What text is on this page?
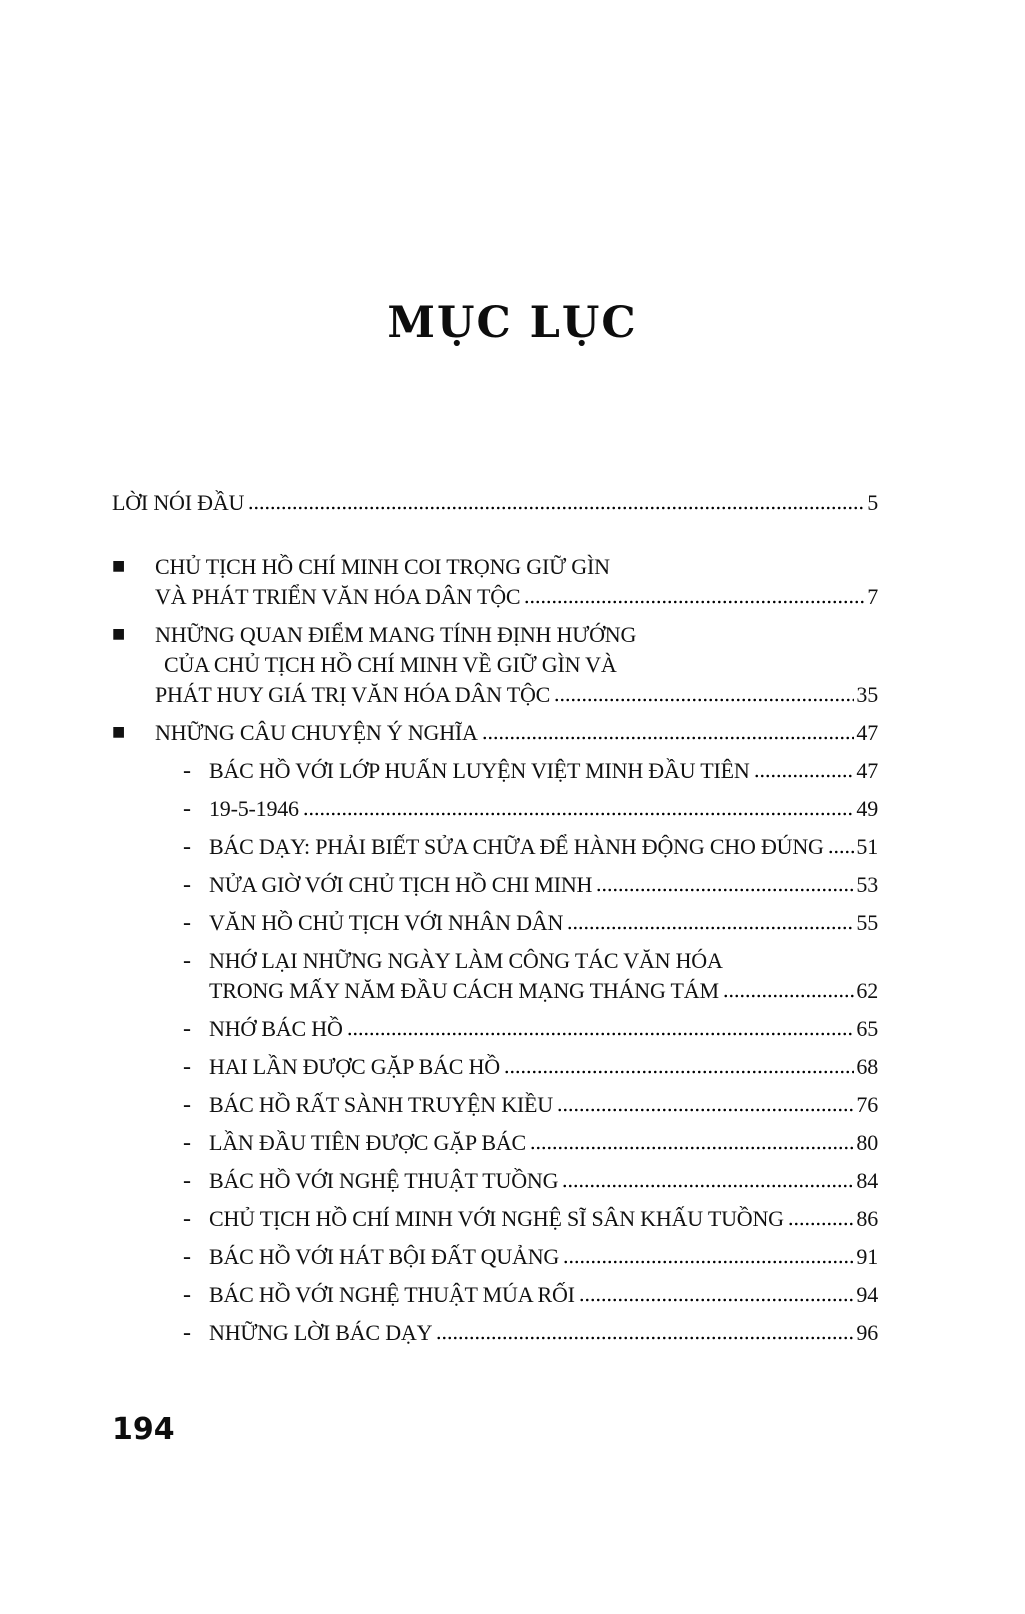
MỤC LỤC
LỜI NÓI ĐẦU	5
■	CHỦ TỊCH HỒ CHÍ MINH COI TRỌNG GIỮ GÌN
VÀ PHÁT TRIỂN VĂN HÓA DÂN TỘC	7
■	NHỮNG QUAN ĐIỂM MANG TÍNH ĐỊNH HƯỚNG
CỦA CHỦ TỊCH HỒ CHÍ MINH VỀ GIỮ GÌN VÀ
PHÁT HUY GIÁ TRỊ VĂN HÓA DÂN TỘC	35
■	NHỮNG CÂU CHUYỆN Ý NGHĨA	47
- BÁC HỒ VỚI LỚP HUẤN LUYỆN VIỆT MINH ĐẦU TIÊN	47
- 19-5-1946	49
- BÁC DẠY: PHẢI BIẾT SỬA CHỮA ĐỂ HÀNH ĐỘNG CHO ĐÚNG 51
- NỬA GIỜ VỚI CHỦ TỊCH HỒ CHI MINH	53
- VĂN HỒ CHỦ TỊCH VỚI NHÂN DÂN	55
- NHỚ LẠI NHỮNG NGÀY LÀM CÔNG TÁC VĂN HÓA
TRONG MẤY NĂM ĐẦU CÁCH MẠNG THÁNG TÁM	62
- NHỚ BÁC HỒ	65
- HAI LẦN ĐƯỢC GẶP BÁC HỒ	68
- BÁC HỒ RẤT SÀNH TRUYỆN KIỀU	76
- LẦN ĐẦU TIÊN ĐƯỢC GẶP BÁC	80
- BÁC HỒ VỚI NGHỆ THUẬT TUỒNG	84
- CHỦ TỊCH HỒ CHÍ MINH VỚI NGHỆ SĨ SÂN KHẤU TUỒNG	86
- BÁC HỒ VỚI HÁT BỘI ĐẤT QUẢNG	91
- BÁC HỒ VỚI NGHỆ THUẬT MÚA RỐI	94
- NHỮNG LỜI BÁC DẠY	96
194
